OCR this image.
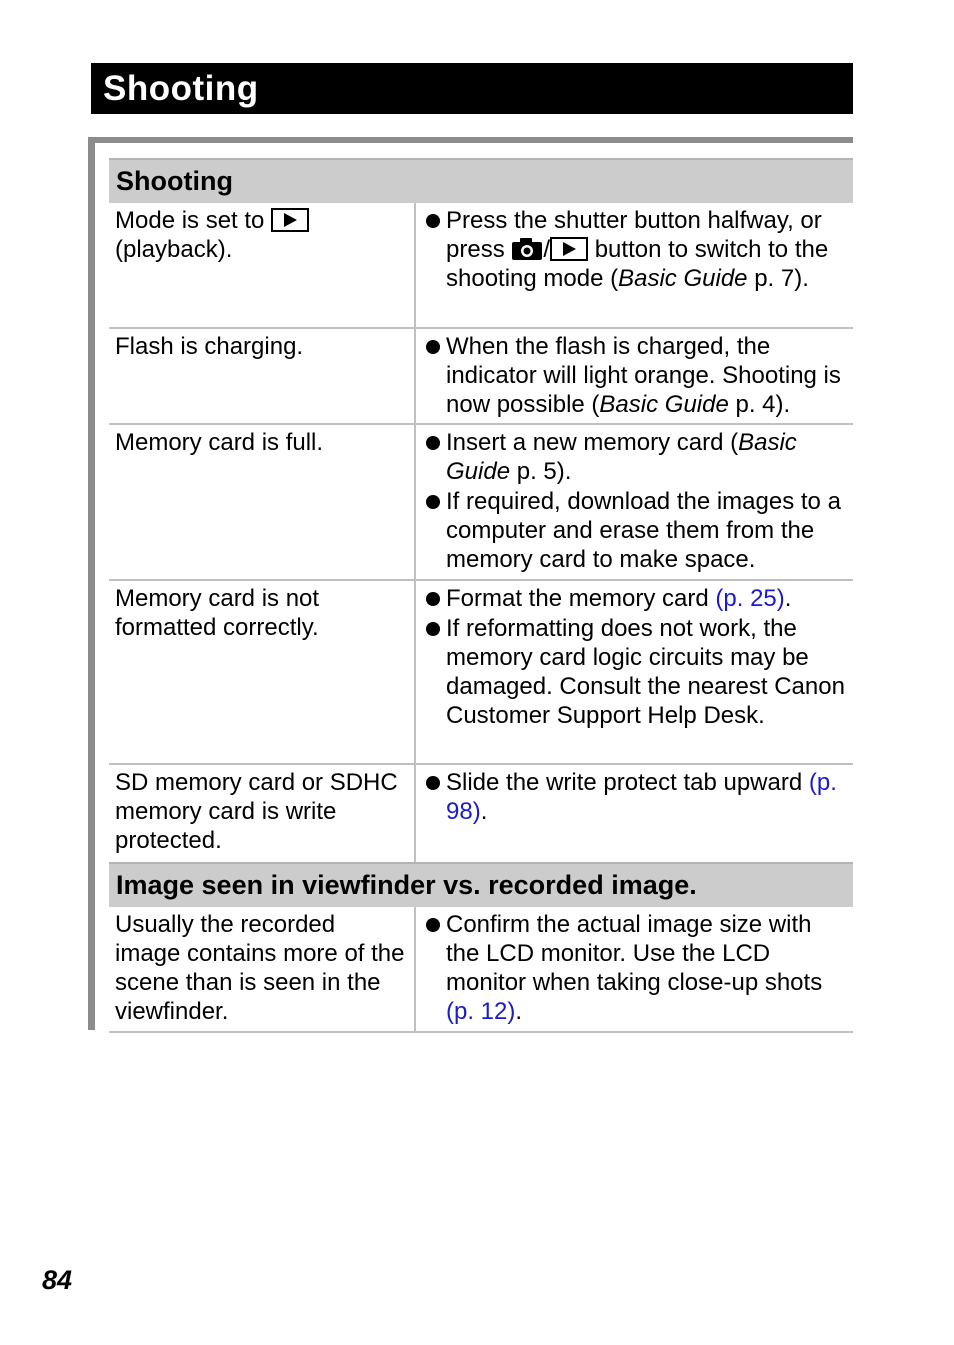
Shooting
Shooting
Mode is set to
(playback).
Press the shutter button halfway, or press / button to switch to the shooting mode (Basic Guide p. 7).
Flash is charging.	When the flash is charged, the indicator will light orange. Shooting is now possible (Basic Guide p. 4).
Memory card is full.	Insert a new memory card (Basic Guide p. 5).
If required, download the images to a computer and erase them from the memory card to make space.
Memory card is not formatted correctly.
Format the memory card (p. 25).
If reformatting does not work, the memory card logic circuits may be damaged. Consult the nearest Canon Customer Support Help Desk.
SD memory card or SDHC memory card is write protected.
Slide the write protect tab upward (p. 98).
Image seen in viewfinder vs. recorded image.
Usually the recorded image contains more of the scene than is seen in the viewfinder.
Confirm the actual image size with the LCD monitor. Use the LCD monitor when taking close-up shots (p. 12).
84
